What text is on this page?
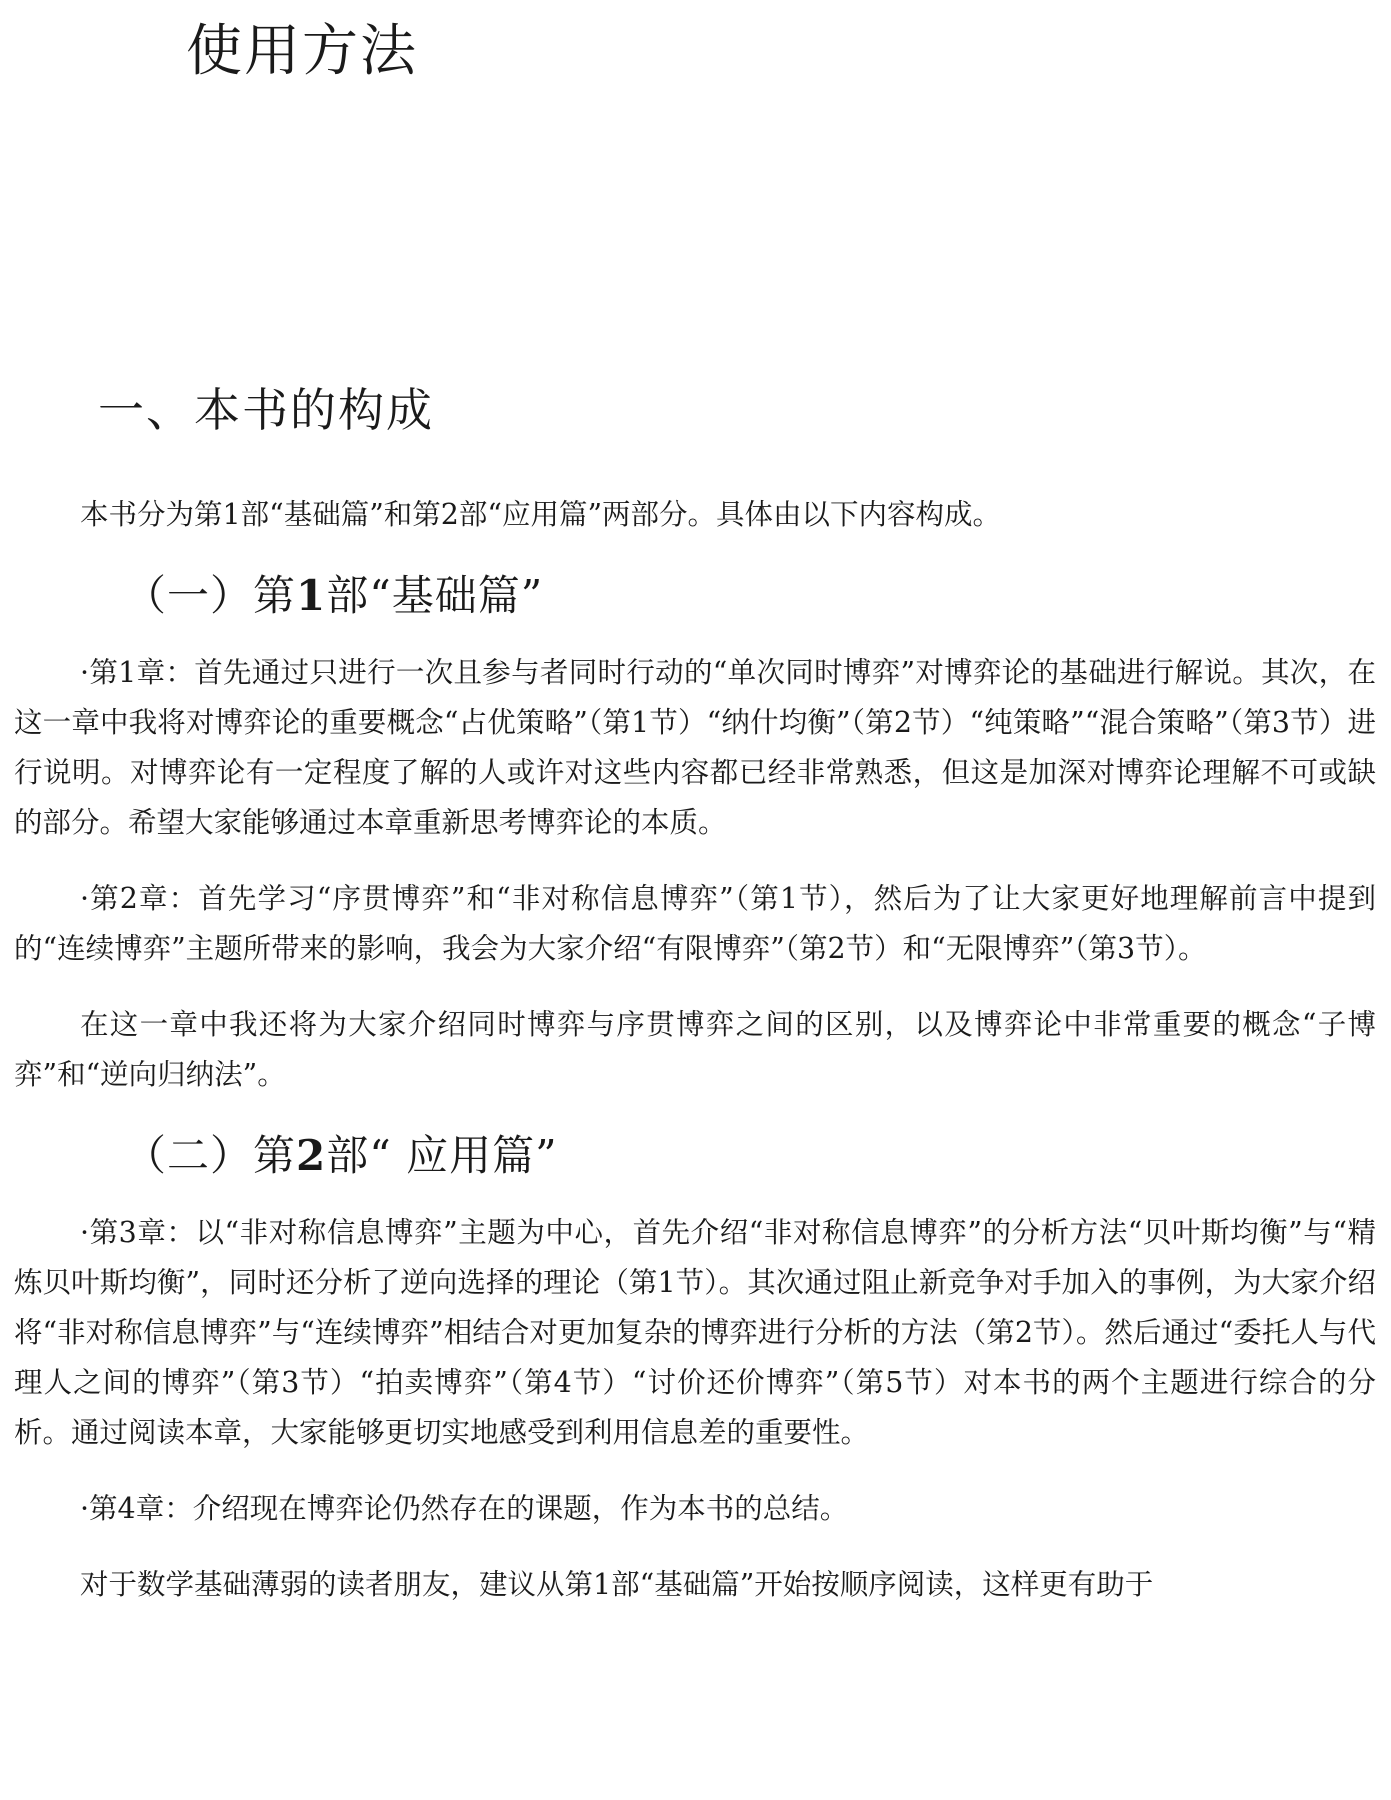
使用方法
一、本书的构成

本书分为第1部“基础篇”和第2部“应用篇”两部分。具体由以下内容构成。

（一）第1部“基础篇”

·第1章：首先通过只进行一次且参与者同时行动的“单次同时博弈”对博弈论的基础进行解说。其次，在这一章中我将对博弈论的重要概念“占优策略”（第1节）“纳什均衡”（第2节）“纯策略”“混合策略”（第3节）进行说明。对博弈论有一定程度了解的人或许对这些内容都已经非常熟悉，但这是加深对博弈论理解不可或缺的部分。希望大家能够通过本章重新思考博弈论的本质。

·第2章：首先学习“序贯博弈”和“非对称信息博弈”（第1节），然后为了让大家更好地理解前言中提到的“连续博弈”主题所带来的影响，我会为大家介绍“有限博弈”（第2节）和“无限博弈”（第3节）。

在这一章中我还将为大家介绍同时博弈与序贯博弈之间的区别，以及博弈论中非常重要的概念“子博弈”和“逆向归纳法”。

（二）第2部“ 应用篇”

·第3章：以“非对称信息博弈”主题为中心，首先介绍“非对称信息博弈”的分析方法“贝叶斯均衡”与“精炼贝叶斯均衡”，同时还分析了逆向选择的理论（第1节）。其次通过阻止新竞争对手加入的事例，为大家介绍将“非对称信息博弈”与“连续博弈”相结合对更加复杂的博弈进行分析的方法（第2节）。然后通过“委托人与代理人之间的博弈”（第3节）“拍卖博弈”（第4节）“讨价还价博弈”（第5节）对本书的两个主题进行综合的分析。通过阅读本章，大家能够更切实地感受到利用信息差的重要性。

·第4章：介绍现在博弈论仍然存在的课题，作为本书的总结。

对于数学基础薄弱的读者朋友，建议从第1部“基础篇”开始按顺序阅读，这样更有助于
